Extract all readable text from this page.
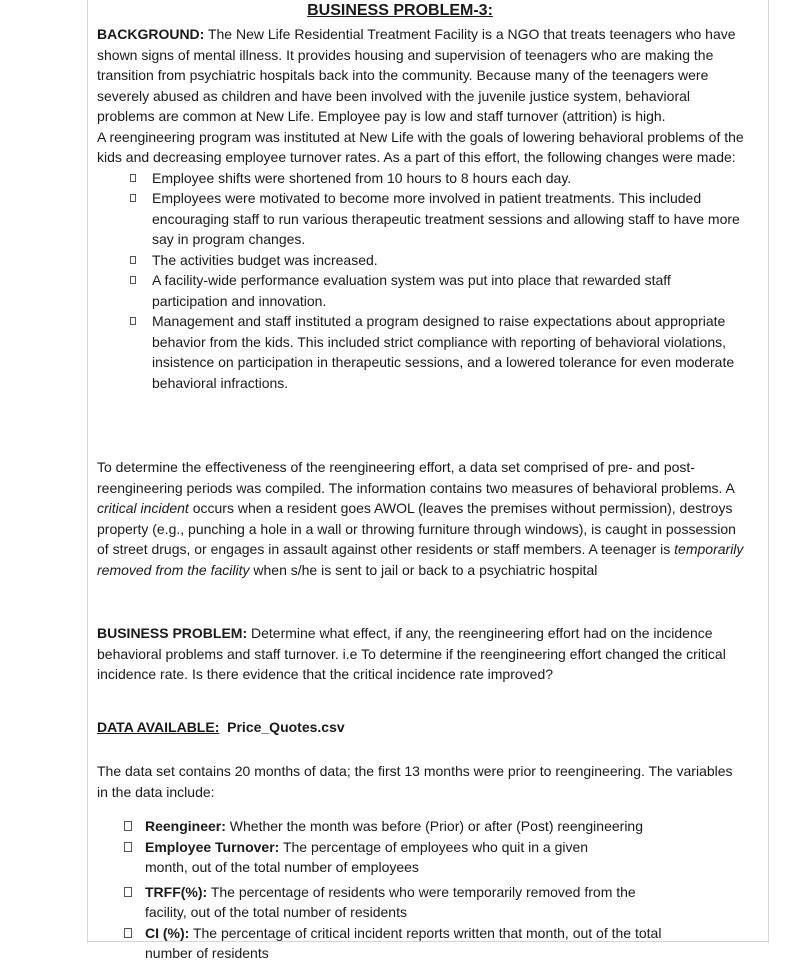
BUSINESS PROBLEM-3:

BACKGROUND: The New Life Residential Treatment Facility is a NGO that treats teenagers who have shown signs of mental illness. It provides housing and supervision of teenagers who are making the transition from psychiatric hospitals back into the community. Because many of the teenagers were severely abused as children and have been involved with the juvenile justice system, behavioral problems are common at New Life. Employee pay is low and staff turnover (attrition) is high.

A reengineering program was instituted at New Life with the goals of lowering behavioral problems of the kids and decreasing employee turnover rates. As a part of this effort, the following changes were made:

Employee shifts were shortened from 10 hours to 8 hours each day.
Employees were motivated to become more involved in patient treatments. This included encouraging staff to run various therapeutic treatment sessions and allowing staff to have more say in program changes.
The activities budget was increased.
A facility-wide performance evaluation system was put into place that rewarded staff participation and innovation.
Management and staff instituted a program designed to raise expectations about appropriate behavior from the kids. This included strict compliance with reporting of behavioral violations, insistence on participation in therapeutic sessions, and a lowered tolerance for even moderate behavioral infractions.

To determine the effectiveness of the reengineering effort, a data set comprised of pre- and post-reengineering periods was compiled. The information contains two measures of behavioral problems. A critical incident occurs when a resident goes AWOL (leaves the premises without permission), destroys property (e.g., punching a hole in a wall or throwing furniture through windows), is caught in possession of street drugs, or engages in assault against other residents or staff members. A teenager is temporarily removed from the facility when s/he is sent to jail or back to a psychiatric hospital

BUSINESS PROBLEM: Determine what effect, if any, the reengineering effort had on the incidence behavioral problems and staff turnover. i.e To determine if the reengineering effort changed the critical incidence rate. Is there evidence that the critical incidence rate improved?

DATA AVAILABLE: Price_Quotes.csv

The data set contains 20 months of data; the first 13 months were prior to reengineering. The variables in the data include:

Reengineer: Whether the month was before (Prior) or after (Post) reengineering
Employee Turnover: The percentage of employees who quit in a given month, out of the total number of employees
TRFF(%): The percentage of residents who were temporarily removed from the facility, out of the total number of residents
CI (%): The percentage of critical incident reports written that month, out of the total number of residents
